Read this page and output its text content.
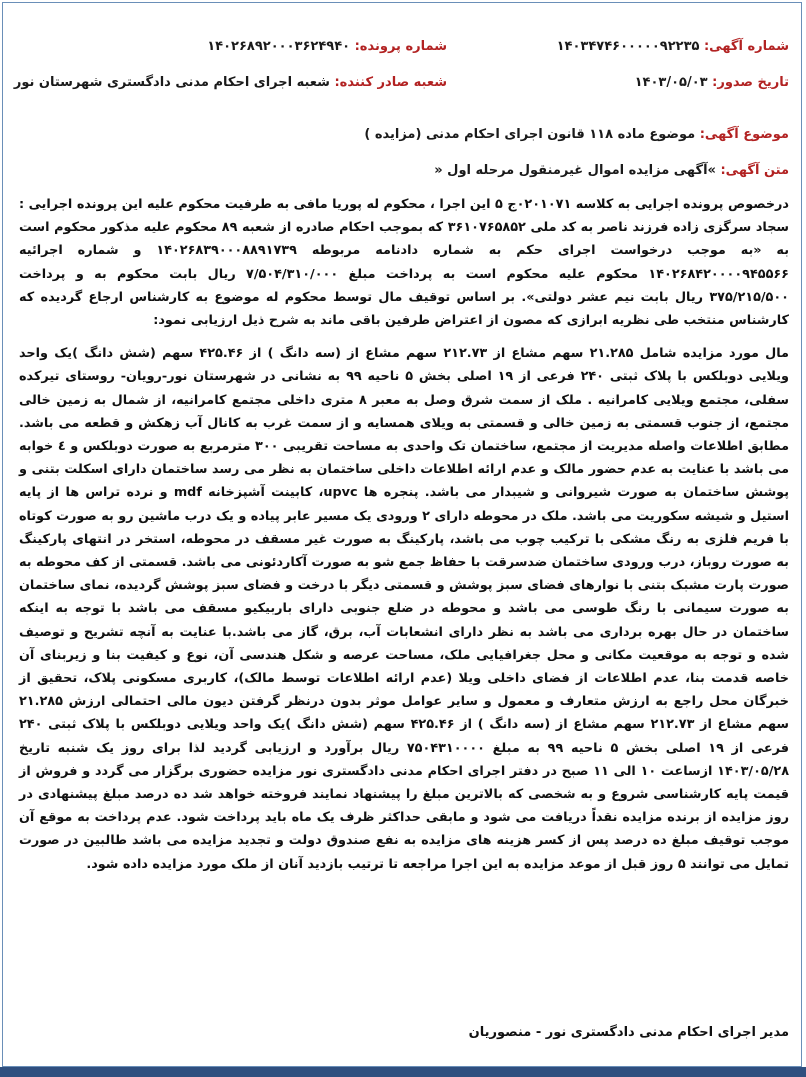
شماره آگهی: ۱۴۰۳۴۷۴۶۰۰۰۰۰۹۲۲۳۵
شماره پرونده: ۱۴۰۲۶۸۹۲۰۰۰۳۶۲۴۹۴۰
تاریخ صدور: ۱۴۰۳/۰۵/۰۳
شعبه صادر کننده: شعبه اجرای احکام مدنی دادگستری شهرستان نور
موضوع آگهی: موضوع ماده ۱۱۸ قانون اجرای احکام مدنی (مزایده )
متن آگهی: »آگهی مزایده اموال غیرمنقول مرحله اول «

درخصوص پرونده اجرایی به کلاسه ۰۲۰۱۰۷۱ج ۵ این اجرا ، محکوم له پوریا مافی به طرفیت محکوم علیه این پرونده اجرایی : سجاد سرگزی زاده فرزند ناصر به کد ملی ۳۶۱۰۷۶۵۸۵۲ که بموجب احکام صادره از شعبه ۸۹ محکوم علیه مذکور محکوم است به «به موجب درخواست اجرای حکم به شماره دادنامه مربوطه ۱۴۰۲۶۸۳۹۰۰۰۸۸۹۱۷۳۹ و شماره اجرائیه ۱۴۰۲۶۸۴۲۰۰۰۰۹۴۵۵۶۶ محکوم علیه محکوم است به پرداخت مبلغ ۷/۵۰۴/۳۱۰/۰۰۰ ریال بابت محکوم به و پرداخت ۳۷۵/۲۱۵/۵۰۰ ریال بابت نیم عشر دولتی». بر اساس توقیف مال توسط محکوم له موضوع به کارشناس ارجاع گردیده که کارشناس منتخب طی نظریه ابرازی که مصون از اعتراض طرفین باقی ماند به شرح ذیل ارزیابی نمود:

مال مورد مزایده شامل ۲۱.۲۸۵ سهم مشاع از ۲۱۲.۷۳ سهم مشاع از (سه دانگ ) از ۴۲۵.۴۶ سهم (شش دانگ )یک واحد ویلایی دوبلکس با پلاک ثبتی ۲۴۰ فرعی از ۱۹ اصلی بخش ۵ ناحیه ۹۹ به نشانی در شهرستان نور-رویان- روستای تیرکده سفلی، مجتمع ویلایی کامرانیه . ملک از سمت شرق وصل به معبر ۸ متری داخلی مجتمع کامرانیه، از شمال به زمین خالی مجتمع، از جنوب قسمتی به زمین خالی و قسمتی به ویلای همسایه و از سمت غرب به کانال آب زهکش و قطعه می باشد. مطابق اطلاعات واصله مدیریت از مجتمع، ساختمان تک واحدی به مساحت تقریبی ۳۰۰ مترمربع به صورت دوبلکس و ٤ خوابه می باشد با عنایت به عدم حضور مالک و عدم ارائه اطلاعات داخلی ساختمان به نظر می رسد ساختمان دارای اسکلت بتنی و پوشش ساختمان به صورت شیروانی و شیبدار می باشد. پنجره ها upvc، کابینت آشپزخانه mdf و نرده تراس ها از پایه استیل و شیشه سکوریت می باشد. ملک در محوطه دارای ۲ ورودی یک مسیر عابر پیاده و یک درب ماشین رو به صورت کوتاه با فریم فلزی به رنگ مشکی با ترکیب چوب می باشد، پارکینگ به صورت غیر مسقف در محوطه، استخر در انتهای پارکینگ به صورت روباز، درب ورودی ساختمان ضدسرقت با حفاظ جمع شو به صورت آکاردئونی می باشد. قسمتی از کف محوطه به صورت پارت مشبک بتنی با نوارهای فضای سبز پوشش و قسمتی دیگر با درخت و فضای سبز پوشش گردیده، نمای ساختمان به صورت سیمانی با رنگ طوسی می باشد و محوطه در ضلع جنوبی دارای باربیکیو مسقف می باشد با توجه به اینکه ساختمان در حال بهره برداری می باشد به نظر دارای انشعابات آب، برق، گاز می باشد.با عنایت به آنچه تشریح و توصیف شده و توجه به موقعیت مکانی و محل جغرافیایی ملک، مساحت عرصه و شکل هندسی آن، نوع و کیفیت بنا و زیربنای آن خاصه قدمت بنا، عدم اطلاعات از فضای داخلی ویلا (عدم ارائه اطلاعات توسط مالک)، کاربری مسکونی پلاک، تحقیق از خبرگان محل راجع به ارزش متعارف و معمول و سایر عوامل موثر بدون درنظر گرفتن دیون مالی احتمالی ارزش ۲۱.۲۸۵ سهم مشاع از ۲۱۲.۷۳ سهم مشاع از (سه دانگ ) از ۴۲۵.۴۶ سهم (شش دانگ )یک واحد ویلایی دوبلکس با پلاک ثبتی ۲۴۰ فرعی از ۱۹ اصلی بخش ۵ ناحیه ۹۹ به مبلغ ۷۵۰۴۳۱۰۰۰۰ ریال برآورد و ارزیابی گردید لذا برای روز یک شنبه تاریخ ۱۴۰۳/۰۵/۲۸ ازساعت ۱۰ الی ۱۱ صبح در دفتر اجرای احکام مدنی دادگستری نور مزایده حضوری برگزار می گردد و فروش از قیمت پایه کارشناسی شروع و به شخصی که بالاترین مبلغ را پیشنهاد نمایند فروخته خواهد شد ده درصد مبلغ پیشنهادی در روز مزایده از برنده مزایده نقداً دریافت می شود و مابقی حداکثر ظرف یک ماه باید پرداخت شود. عدم پرداخت به موقع آن موجب توقیف مبلغ ده درصد پس از کسر هزینه های مزایده به نفع صندوق دولت و تجدید مزایده می باشد طالبین در صورت تمایل می توانند ۵ روز قبل از موعد مزایده به این اجرا مراجعه تا ترتیب بازدید آنان از ملک مورد مزایده داده شود.

مدیر اجرای احکام مدنی دادگستری نور - منصوریان
